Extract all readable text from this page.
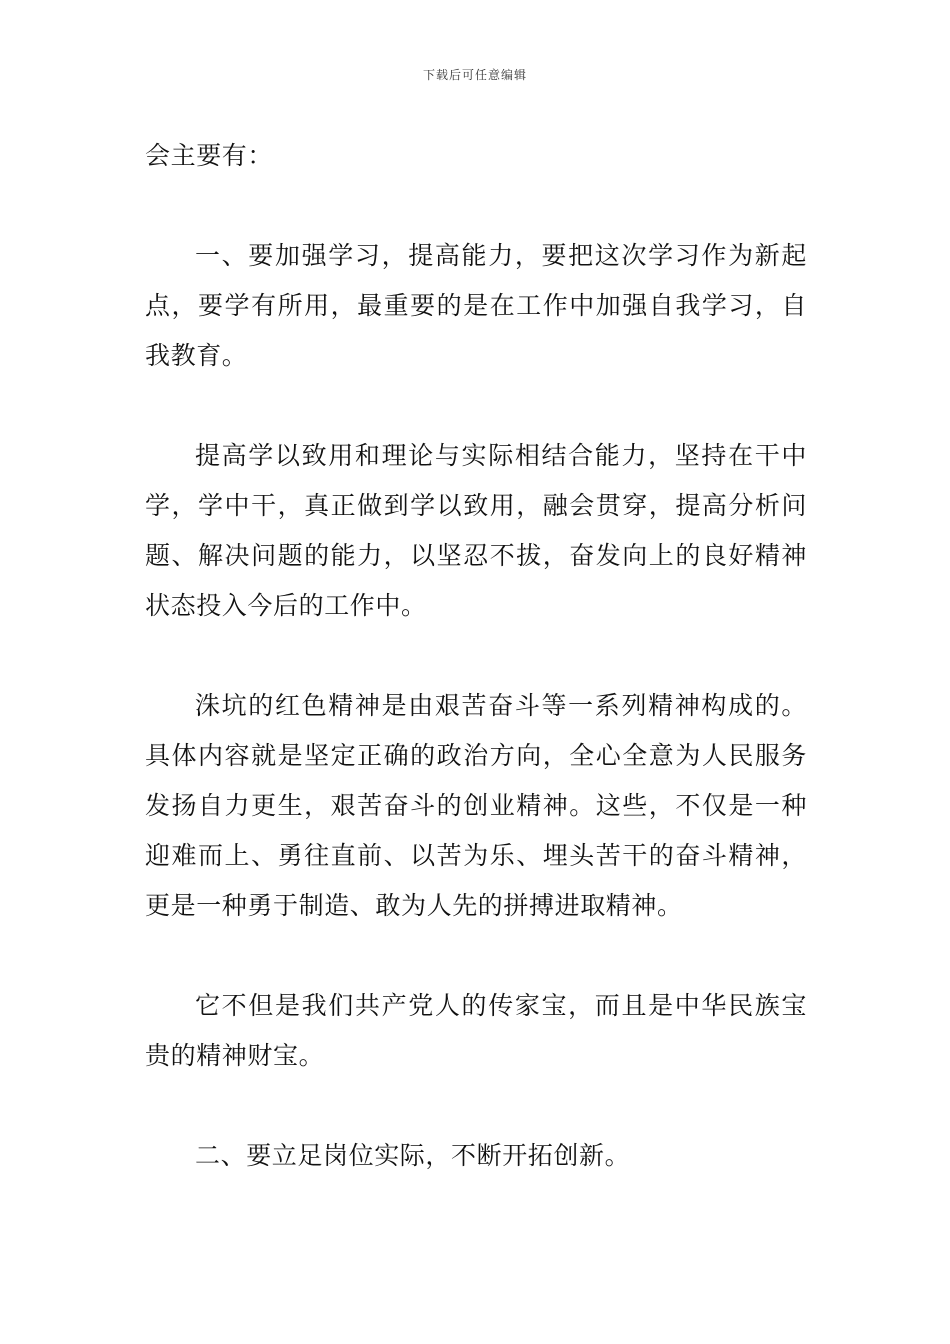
下载后可任意编辑

会主要有：

一、要加强学习，提高能力，要把这次学习作为新起点，要学有所用，最重要的是在工作中加强自我学习，自我教育。

提高学以致用和理论与实际相结合能力，坚持在干中学，学中干，真正做到学以致用，融会贯穿，提高分析问题、解决问题的能力，以坚忍不拔，奋发向上的良好精神状态投入今后的工作中。

洙坑的红色精神是由艰苦奋斗等一系列精神构成的。具体内容就是坚定正确的政治方向，全心全意为人民服务发扬自力更生，艰苦奋斗的创业精神。这些，不仅是一种迎难而上、勇往直前、以苦为乐、埋头苦干的奋斗精神，更是一种勇于制造、敢为人先的拼搏进取精神。

它不但是我们共产党人的传家宝，而且是中华民族宝贵的精神财宝。

二、要立足岗位实际，不断开拓创新。
